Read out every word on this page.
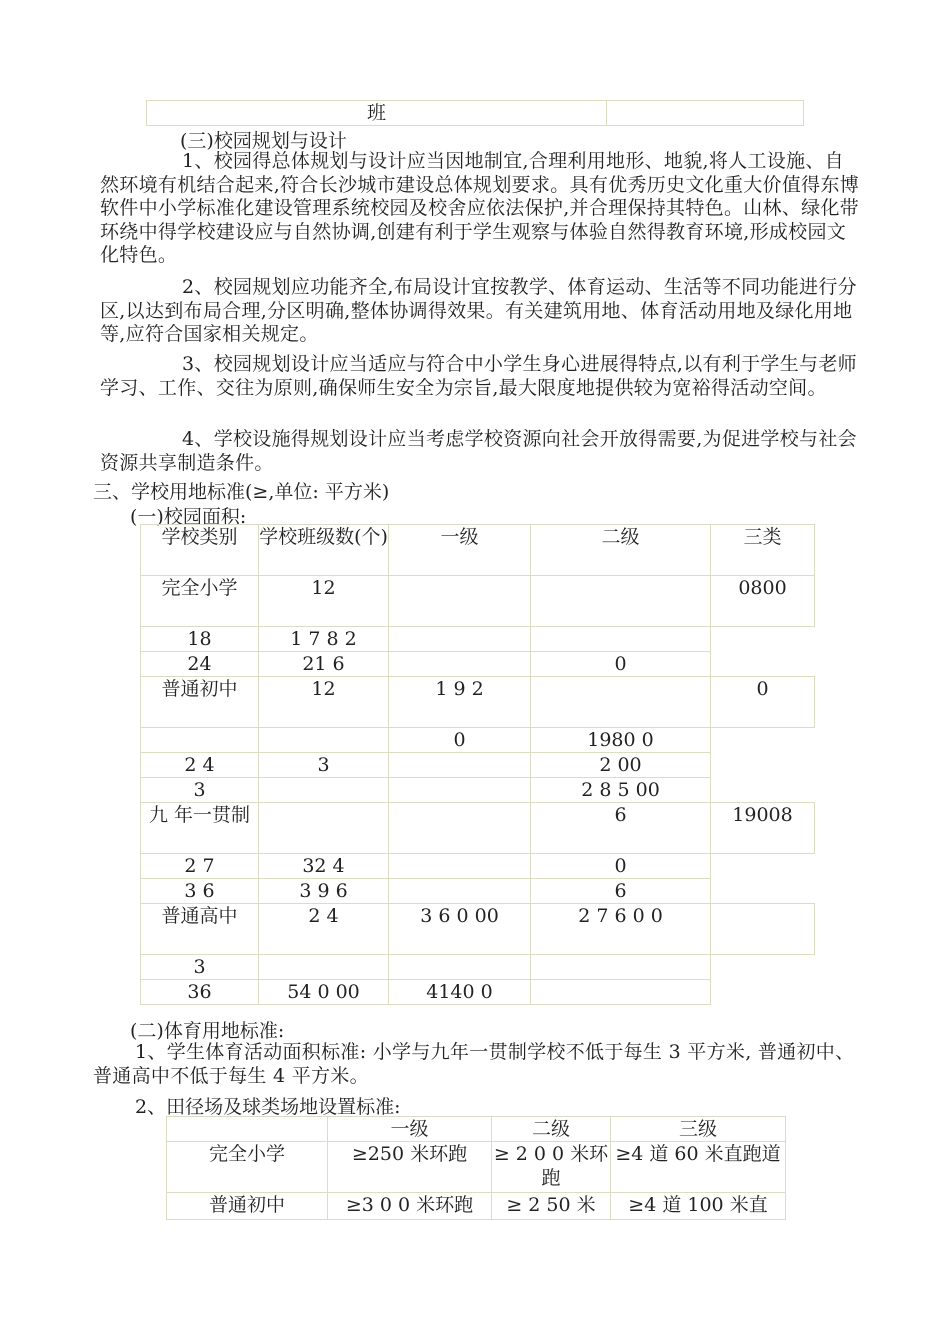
班	

(三)校园规划与设计

1、校园得总体规划与设计应当因地制宜,合理利用地形、地貌,将人工设施、自然环境有机结合起来,符合长沙城市建设总体规划要求。具有优秀历史文化重大价值得东博软件中小学标准化建设管理系统校园及校舍应依法保护,并合理保持其特色。山林、绿化带环绕中得学校建设应与自然协调,创建有利于学生观察与体验自然得教育环境,形成校园文化特色。

2、校园规划应功能齐全,布局设计宜按教学、体育运动、生活等不同功能进行分区,以达到布局合理,分区明确,整体协调得效果。有关建筑用地、体育活动用地及绿化用地等,应符合国家相关规定。

3、校园规划设计应当适应与符合中小学生身心进展得特点,以有利于学生与老师学习、工作、交往为原则,确保师生安全为宗旨,最大限度地提供较为宽裕得活动空间。

4、学校设施得规划设计应当考虑学校资源向社会开放得需要,为促进学校与社会资源共享制造条件。

三、学校用地标准(≥,单位: 平方米)

(一)校园面积:

学校类别	学校班级数(个)	一级	二级	三类
完全小学	12			0800
18	1 7 8 2			
24	21 6		0	
普通初中	12	1 9 2		0
		0	1980 0	
2 4	3		2 00	
3			2 8 5 00	
九 年一贯制			6	19008
2 7	32 4		0	
3 6	3 9 6		6	
普通高中	2 4	3 6 0 00	2 7 6 0 0	
3				
36	54 0 00	4140 0		

(二)体育用地标准:

1、学生体育活动面积标准: 小学与九年一贯制学校不低于每生 3 平方米, 普通初中、普通高中不低于每生 4 平方米。

2、田径场及球类场地设置标准:

	一级	二级	三级
完全小学	≥250 米环跑	≥ 2 0 0 米环跑	≥4 道 60 米直跑道
普通初中	≥3 0 0 米环跑	≥ 2 50 米	≥4 道 100 米直
